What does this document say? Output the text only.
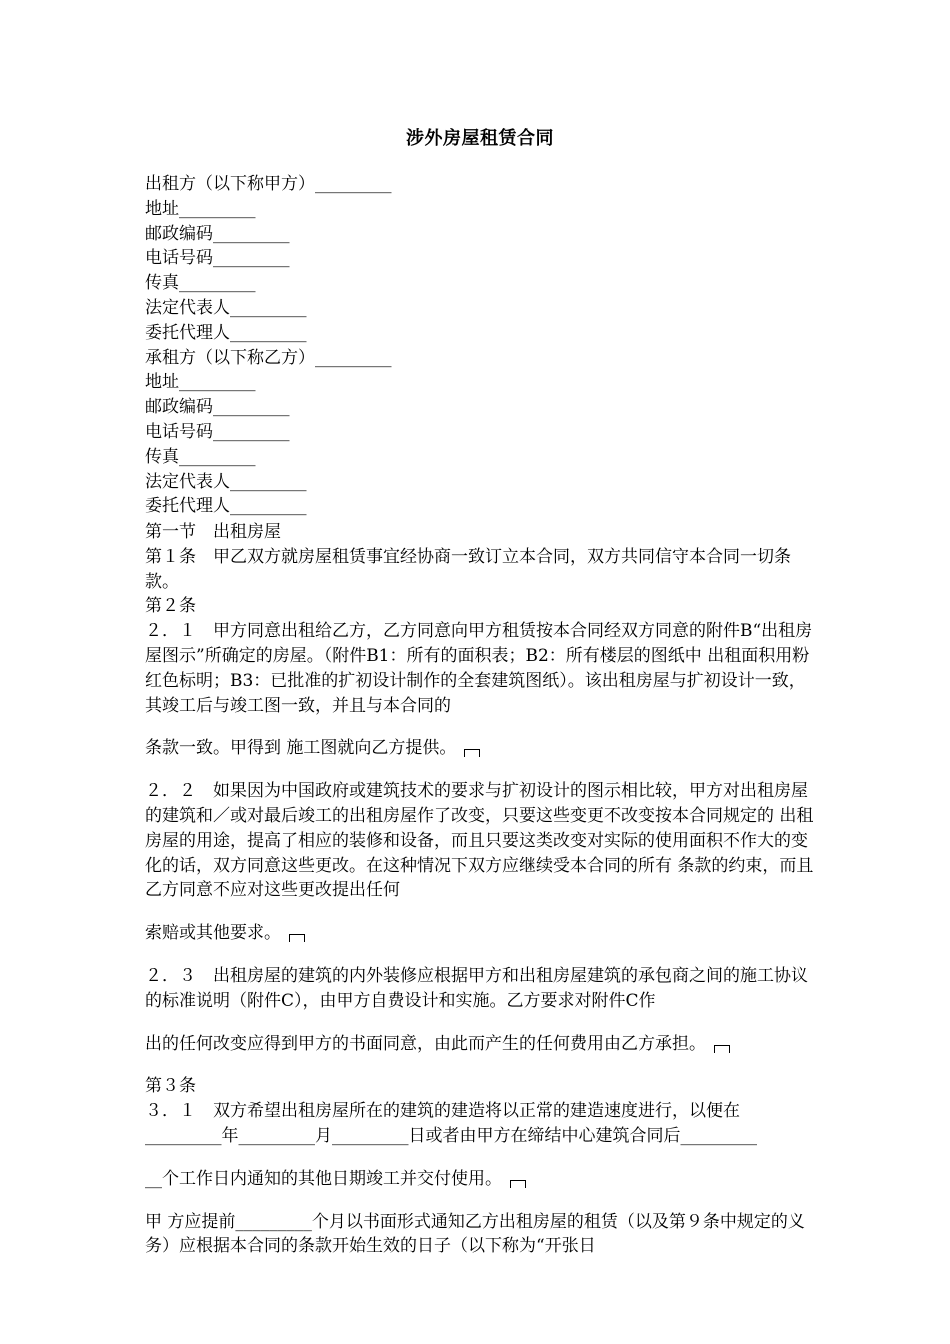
涉外房屋租赁合同
出租方（以下称甲方）_________
地址_________
邮政编码_________
电话号码_________
传真_________
法定代表人_________
委托代理人_________
承租方（以下称乙方）_________
地址_________
邮政编码_________
电话号码_________
传真_________
法定代表人_________
委托代理人_________

第一节　出租房屋

第１条　甲乙双方就房屋租赁事宜经协商一致订立本合同，双方共同信守本合同一切条款。

第２条

２．１　甲方同意出租给乙方，乙方同意向甲方租赁按本合同经双方同意的附件B“出租房屋图示”所确定的房屋。（附件B1：所有的面积表；B2：所有楼层的图纸中 出租面积用粉红色标明；B3：已批准的扩初设计制作的全套建筑图纸）。该出租房屋与扩初设计一致，其竣工后与竣工图一致，并且与本合同的

条款一致。甲得到 施工图就向乙方提供。

２．２　如果因为中国政府或建筑技术的要求与扩初设计的图示相比较，甲方对出租房屋的建筑和／或对最后竣工的出租房屋作了改变，只要这些变更不改变按本合同规定的 出租房屋的用途，提高了相应的装修和设备，而且只要这类改变对实际的使用面积不作大的变化的话，双方同意这些更改。在这种情况下双方应继续受本合同的所有 条款的约束，而且乙方同意不应对这些更改提出任何

索赔或其他要求。

２．３　出租房屋的建筑的内外装修应根据甲方和出租房屋建筑的承包商之间的施工协议的标准说明（附件C），由甲方自费设计和实施。乙方要求对附件C作

出的任何改变应得到甲方的书面同意，由此而产生的任何费用由乙方承担。

第３条

３．１　双方希望出租房屋所在的建筑的建造将以正常的建造速度进行，以便在_________年_________月_________日或者由甲方在缔结中心建筑合同后_________

__个工作日内通知的其他日期竣工并交付使用。

甲 方应提前_________个月以书面形式通知乙方出租房屋的租赁（以及第９条中规定的义务）应根据本合同的条款开始生效的日子（以下称为“开张日
